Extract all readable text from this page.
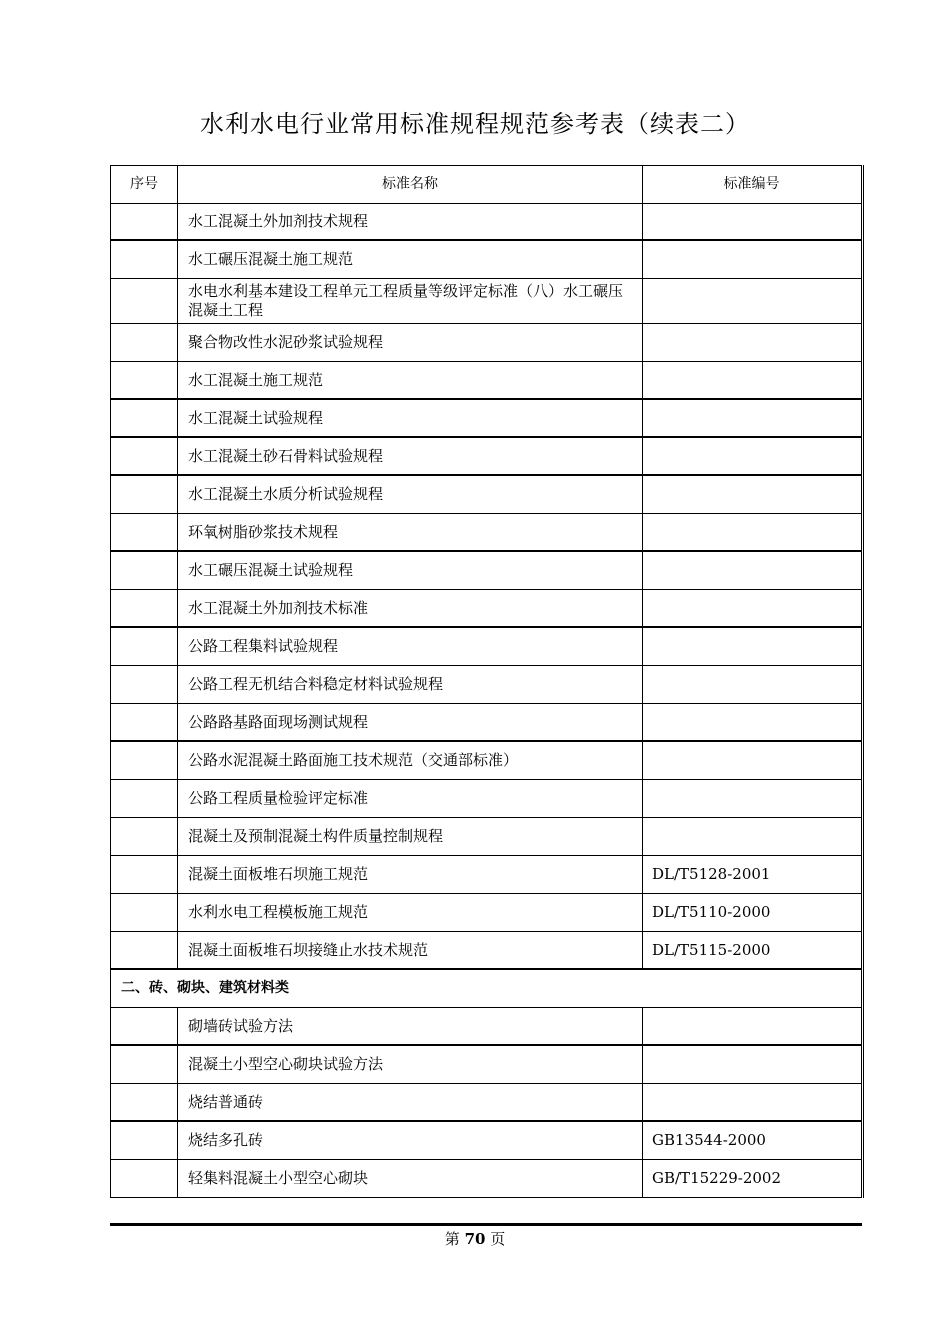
水利水电行业常用标准规程规范参考表（续表二）
序号	标准名称	标准编号
水工混凝土外加剂技术规程
水工碾压混凝土施工规范
水电水利基本建设工程单元工程质量等级评定标准（八）水工碾压混凝土工程
聚合物改性水泥砂浆试验规程
水工混凝土施工规范
水工混凝土试验规程
水工混凝土砂石骨料试验规程
水工混凝土水质分析试验规程
环氧树脂砂浆技术规程
水工碾压混凝土试验规程
水工混凝土外加剂技术标准
公路工程集料试验规程
公路工程无机结合料稳定材料试验规程
公路路基路面现场测试规程
公路水泥混凝土路面施工技术规范（交通部标准）
公路工程质量检验评定标准
混凝土及预制混凝土构件质量控制规程
混凝土面板堆石坝施工规范	DL/T5128-2001
水利水电工程模板施工规范	DL/T5110-2000
混凝土面板堆石坝接缝止水技术规范	DL/T5115-2000
二、砖、砌块、建筑材料类
砌墙砖试验方法
混凝土小型空心砌块试验方法
烧结普通砖
烧结多孔砖	GB13544-2000
轻集料混凝土小型空心砌块	GB/T15229-2002
第 70 页
